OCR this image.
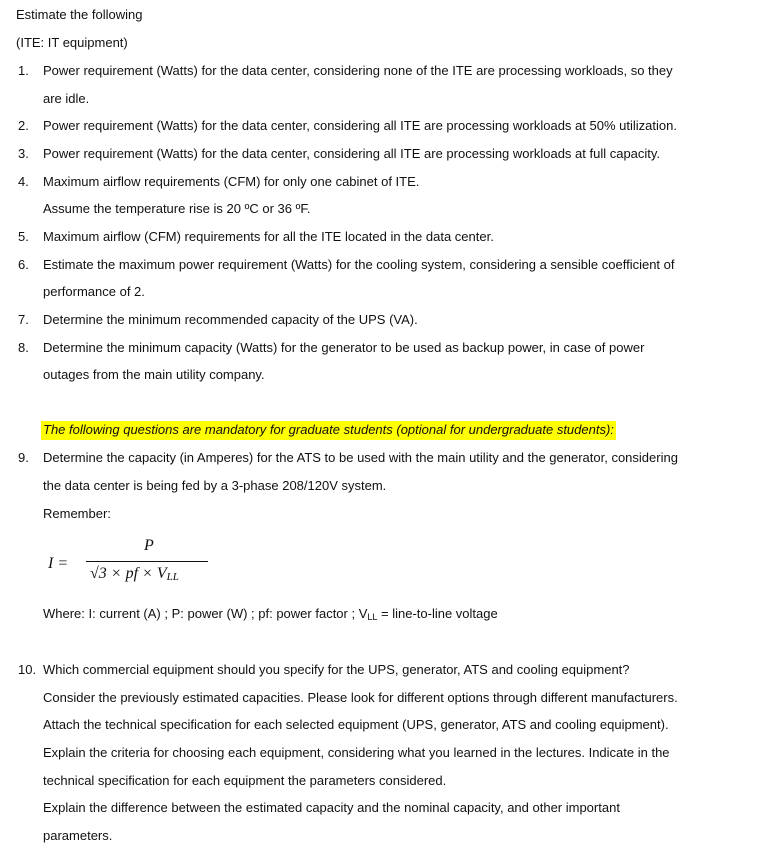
Estimate the following
(ITE: IT equipment)
1. Power requirement (Watts) for the data center, considering none of the ITE are processing workloads, so they
are idle.
2. Power requirement (Watts) for the data center, considering all ITE are processing workloads at 50% utilization.
3. Power requirement (Watts) for the data center, considering all ITE are processing workloads at full capacity.
4. Maximum airflow requirements (CFM) for only one cabinet of ITE.
Assume the temperature rise is 20 ºC or 36 ºF.
5. Maximum airflow (CFM) requirements for all the ITE located in the data center.
6. Estimate the maximum power requirement (Watts) for the cooling system, considering a sensible coefficient of
performance of 2.
7. Determine the minimum recommended capacity of the UPS (VA).
8. Determine the minimum capacity (Watts) for the generator to be used as backup power, in case of power
outages from the main utility company.
The following questions are mandatory for graduate students (optional for undergraduate students):
9. Determine the capacity (in Amperes) for the ATS to be used with the main utility and the generator, considering
the data center is being fed by a 3-phase 208/120V system.
Remember:
I =
P
√3 × pf × VLL
Where: I: current (A) ; P: power (W) ; pf: power factor ; VLL = line-to-line voltage
10. Which commercial equipment should you specify for the UPS, generator, ATS and cooling equipment?
Consider the previously estimated capacities. Please look for different options through different manufacturers.
Attach the technical specification for each selected equipment (UPS, generator, ATS and cooling equipment).
Explain the criteria for choosing each equipment, considering what you learned in the lectures. Indicate in the
technical specification for each equipment the parameters considered.
Explain the difference between the estimated capacity and the nominal capacity, and other important
parameters.
